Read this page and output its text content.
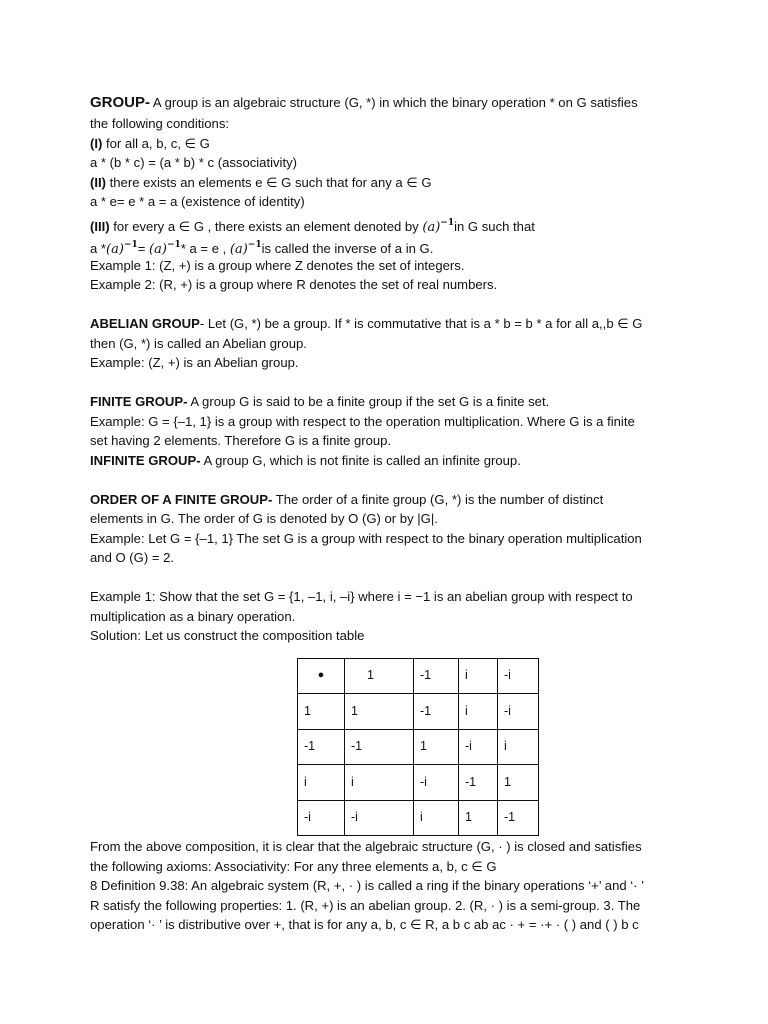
GROUP- A group is an algebraic structure (G, *) in which the binary operation * on G satisfies
the following conditions:
(I) for all a, b, c, ∈ G
a * (b * c) = (a * b) * c (associativity)
(II) there exists an elements e ∈ G such that for any a ∈ G
a * e= e * a = a (existence of identity)
(III) for every a ∈ G , there exists an element denoted by $(a)^{-1}in$ G such that
a $*(a)^{-1}= (a)^{-1}*$ a = e , $(a)^{-1}is$ called the inverse of a in G.
Example 1: (Z, +) is a group where Z denotes the set of integers.
Example 2: (R, +) is a group where R denotes the set of real numbers.
ABELIAN GROUP- Let (G, *) be a group. If * is commutative that is a * b = b * a for all a,,b ∈ G
then (G, *) is called an Abelian group.
Example: (Z, +) is an Abelian group.
FINITE GROUP- A group G is said to be a finite group if the set G is a finite set.
Example: G = {–1, 1} is a group with respect to the operation multiplication. Where G is a finite
set having 2 elements. Therefore G is a finite group.
INFINITE GROUP- A group G, which is not finite is called an infinite group.
ORDER OF A FINITE GROUP- The order of a finite group (G, *) is the number of distinct
elements in G. The order of G is denoted by O (G) or by |G|.
Example: Let G = {–1, 1} The set G is a group with respect to the binary operation multiplication
and O (G) = 2.
Example 1: Show that the set G = {1, –1, i, –i} where i = −1 is an abelian group with respect to
multiplication as a binary operation.
Solution: Let us construct the composition table
●	1	-1	i	-i
1	1	-1	i	-i
-1	-1	1	-i	i
i	i	-i	-1	1
-i	-i	i	1	-1
From the above composition, it is clear that the algebraic structure (G, · ) is closed and satisfies
the following axioms: Associativity: For any three elements a, b, c ∈ G
8 Definition 9.38: An algebraic system (R, +, · ) is called a ring if the binary operations ‘+’ and ‘· ’
R satisfy the following properties: 1. (R, +) is an abelian group. 2. (R, · ) is a semi-group. 3. The
operation ‘· ’ is distributive over +, that is for any a, b, c ∈ R, a b c ab ac · + = ·+ · ( ) and ( ) b c
